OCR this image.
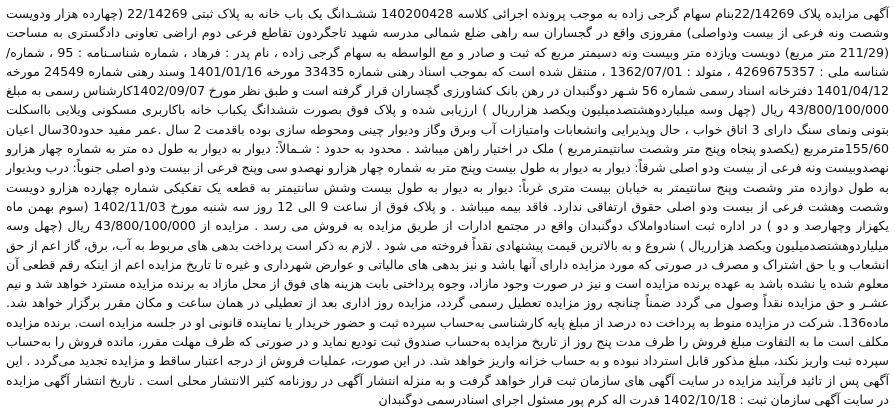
آگهی مزایده پلاک 22/14269بنام سهام گرجی زاده به موجب پرونده اجرائی کلاسه 140200428 ششـدانگ یک باب خانه به پلاک ثبتی 22/14269 (چهارده هزار ودویست وشصت ونه فرعی از بیست ودواصلی) مفروزی واقع در گجساران سه راهی ضلع شمالی مدرسه شهید تاجگردون تقاطع فرعی دوم اراضی تعاونی دادگستری به مساحت (211/29 متر مربع) دویست ویازده متر وبیست ونه دسیمتر مربع که ثبت و صادر و مع الواسطه به سهام گرجی زاده ، نام پدر : فرهاد ، شماره شناسـنامه : 95 ، شماره/شناسه ملی : 4269675357 ، متولد : 1362/07/01 ، منتقل شده است که بموجب اسناد رهنی شماره 33435 مورخه 1401/01/16 وسند رهنی شماره 24549 مورخه 1401/04/12 دفترخانه اسناد رسمی شماره 56 شـهر دوگنبدان در رهن بانک کشاورزی گچساران قرار گرفته است و طبق نظر مورخ 1402/09/07کارشناس رسمی به مبلغ 43/800/100/000 ریال (چهل وسه میلیاردوهشتصدمیلیون ویکصد هزارریال ) ارزیابی شده و پلاک فوق بصورت ششدانگ یکباب خانه باکاربری مسکونی ویلایی بااسکلت بتونی ونمای سنگ دارای 3 اتاق خواب ، حال وپذیرایی وانشعابات وامتیازات آب وبرق وگاز ودیوار چینی ومحوطه سازی بوده باقدمت 2 سال .عمر مفید حدود30سال اعیان 155/60مترمربع (یکصدو پنجاه وپنج متر وشصت سانتیمترمربع ) ملک در اختیار راهن میباشد . محدود به حدود : شـمالاً: دیوار به دیوار به طول ده متر به شماره چهار هزارو نهصدوبیست ونه فرعی از بیست ودو اصلی شرقاً: دیوار به دیوار به طول بیست وپنج متر به شماره چهار هزارو نهصدو سی وپنج فرعی از بیست ودو اصلی جنوباً: درب وبدیوار به طول دوازده متر وشصت وپنج سانتیمتر به خیابان بیست متری غرباً: دیوار به دیوار به طول بیست وشش سانتیمتر به قطعه یک تفکیکی شماره چهارده هزارو دویست وشصت وهشت فرعی از بیست ودو اصلی حقوق ارتفاقی ندارد. فاقد بیمه میباشد . و پلاک فوق از ساعت 9 الی 12 روز سه شنبه مورخ 1402/11/03 (سوم بهمن ماه یکهزار وچهارصد و دو ) در اداره ثبت اسنادواملاک دوگنبدان واقع در مجتمع ادارات از طریق مزایده به فروش می رسد . مزایده از 43/800/100/000 ریال (چهل وسه میلیاردوهشتصدمیلیون ویکصد هزارریال ) شروع و به بالاترین قیمت پیشنهادی نقداً فروخته می شود . لازم به ذکر است پرداخت بدهی های مربوط به آب، برق، گاز اعم از حق انشعاب و یا حق اشتراک و مصرف در صورتی که مورد مزایده دارای آنها باشد و نیز بدهی های مالیاتی و عوارض شهرداری و غیره تا تاریخ مزایده اعم از اینکه رقم قطعی آن معلوم شده یا نشده باشد به عهده برنده مزایده است و نیز در صورت وجود مازاد، وجوه پرداختی بابت هزینه های فوق از محل مازاد به برنده مزایده مسترد خواهد شد و نیم عشـر و حق مزایده نقداً وصول می گردد ضمناً چنانچه روز مزایده تعطیل رسمی گردد، مزایده روز اداری بعد از تعطیلی در همان ساعت و مکان مقرر برگزار خواهد شد. ماده136. شرکت در مزایده منوط به پرداخت ده درصد از مبلغ پایه کارشناسی به‌حساب سپرده ثبت و حضور خریدار یا نماینده قانونی او در جلسه مزایده است. برنده مزایده مکلف است ما به التفاوت مبلغ فروش را ظرف مدت پنج روز از تاریخ مزایده به‌حساب صندوق ثبت تودیع نماید و در صورتی که ظرف مهلت مقرر، مانده فروش را به‌حساب سپرده ثبت واریز نکند، مبلغ مذکور قابل استرداد نبوده و به حساب خزانه واریز خواهد شد. در این صورت، عملیات فروش از درجه اعتبار ساقط و مزایده تجدید می‌گردد . این آگهی پس از تائید فرآیند مزایده در سایت آگهی های سازمان ثبت قرار خواهد گرفت و به منزله انتشار آگهی در روزنامه کثیر الانتشار محلی است . تاریخ انتشار آگهی مزایده در سایت آگهی سازمان ثبت : 1402/10/18 قدرت اله کرم پور مسئول اجرای اسنادرسمی دوگنبدان
